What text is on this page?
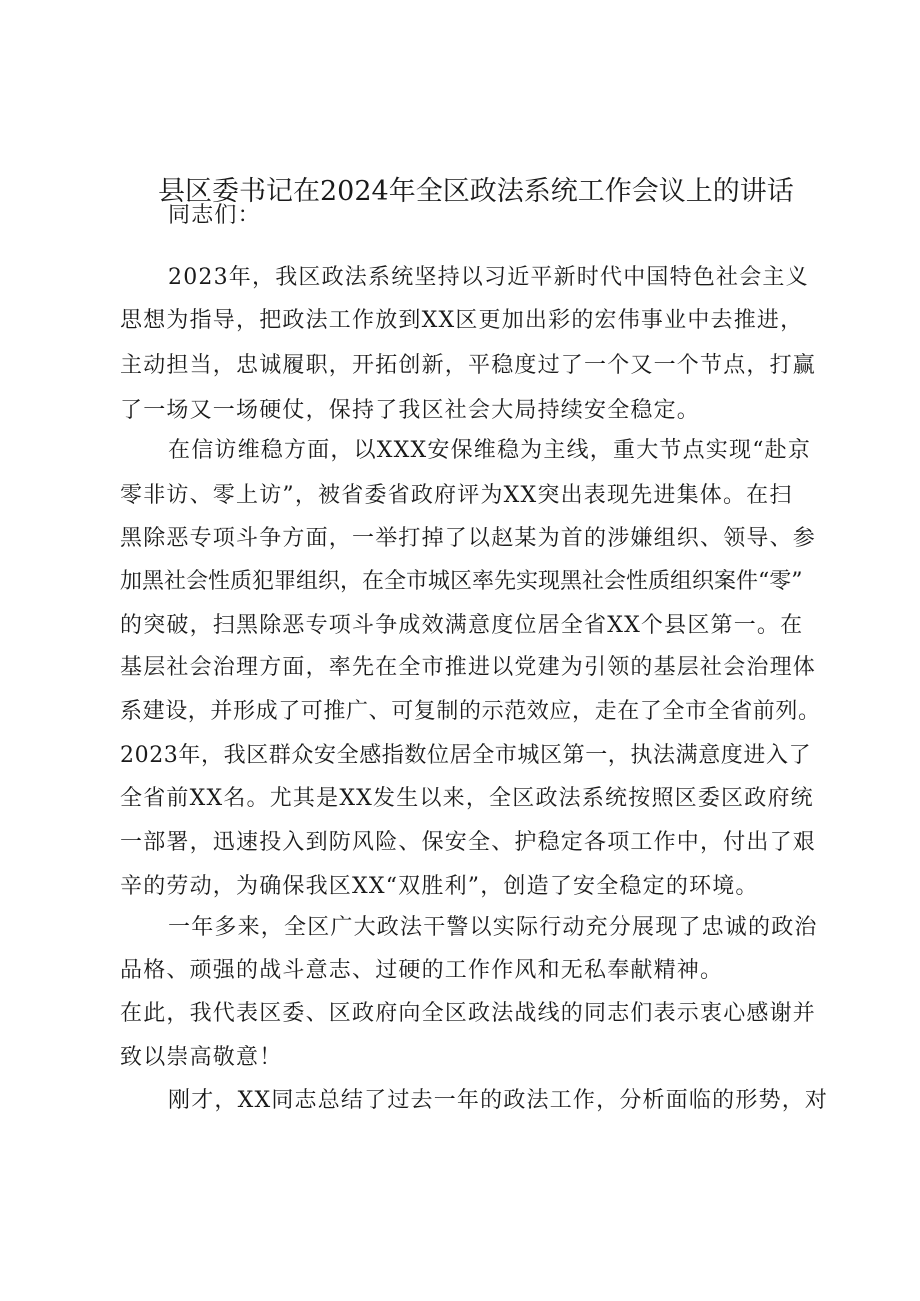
县区委书记在2024年全区政法系统工作会议上的讲话
同志们：
2023年，我区政法系统坚持以习近平新时代中国特色社会主义
思想为指导，把政法工作放到XX区更加出彩的宏伟事业中去推进，
主动担当，忠诚履职，开拓创新，平稳度过了一个又一个节点，打赢
了一场又一场硬仗，保持了我区社会大局持续安全稳定。
在信访维稳方面，以XXX安保维稳为主线，重大节点实现“赴京
零非访、零上访”，被省委省政府评为XX突出表现先进集体。在扫
黑除恶专项斗争方面，一举打掉了以赵某为首的涉嫌组织、领导、参
加黑社会性质犯罪组织，在全市城区率先实现黑社会性质组织案件“零”
的突破，扫黑除恶专项斗争成效满意度位居全省XX个县区第一。在
基层社会治理方面，率先在全市推进以党建为引领的基层社会治理体
系建设，并形成了可推广、可复制的示范效应，走在了全市全省前列。
2023年，我区群众安全感指数位居全市城区第一，执法满意度进入了
全省前XX名。尤其是XX发生以来，全区政法系统按照区委区政府统
一部署，迅速投入到防风险、保安全、护稳定各项工作中，付出了艰
辛的劳动，为确保我区XX“双胜利”，创造了安全稳定的环境。
一年多来，全区广大政法干警以实际行动充分展现了忠诚的政治
品格、顽强的战斗意志、过硬的工作作风和无私奉献精神。
在此，我代表区委、区政府向全区政法战线的同志们表示衷心感谢并
致以崇高敬意！
刚才，XX同志总结了过去一年的政法工作，分析面临的形势，对
